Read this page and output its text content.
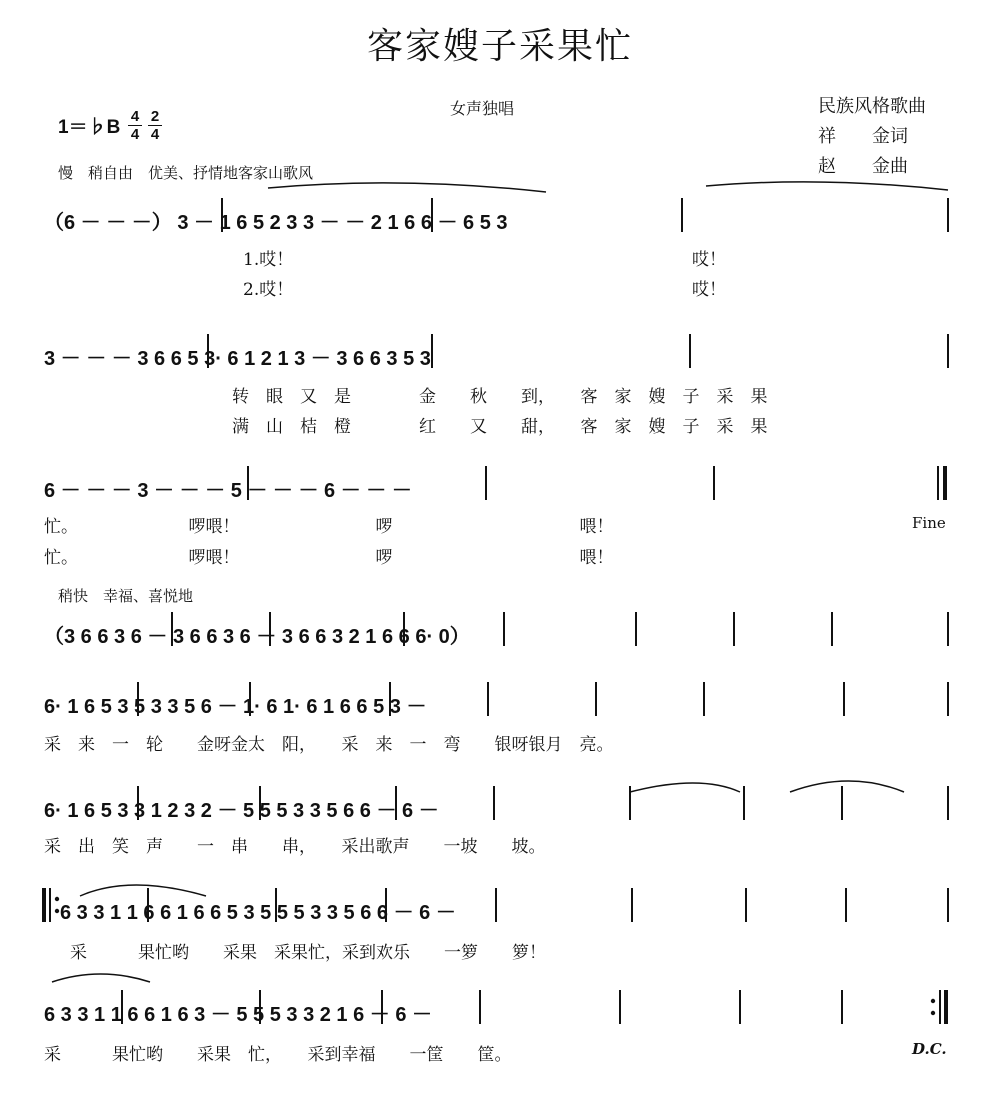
客家嫂子采果忙
女声独唱	民族风格歌曲
祥　　金词
赵　　金曲
1＝♭B
4
4
2
4
慢　稍自由　优美、抒情地客家山歌风
稍快　幸福、喜悦地
（6 － － －） 3 － 1 6 5 2 3 3 － － 2 1 6 6 － 6 5 3
1.哎！	哎！
2.哎！	哎！
3 － － － 3 6 6 5 3· 6 1 2 1 3 － 3 6 6 3 5 3
转　眼　又　是　　　　金　　秋　　到，　　客　家　嫂　子　采　果
满　山　桔　橙　　　　红　　又　　甜，　　客　家　嫂　子　采　果
6 － － － 3 － － － 5 － － － 6 － － －
忙。　　　　　　　啰喂！　　　　　　　　啰　　　　　　　　　　　喂！
忙。　　　　　　　啰喂！　　　　　　　　啰　　　　　　　　　　　喂！
Fine
（3 6 6 3 6 － 3 6 6 3 6 － 3 6 6 3 2 1 6 6 6· 0）
6· 1 6 5 3 5 3 3 5 6 － 1· 6 1· 6 1 6 6 5 3 －
采　来　一　轮　　金呀金太　阳，　　采　来　一　弯　　银呀银月　亮。
6· 1 6 5 3 3 1 2 3 2 － 5 5 5 3 3 5 6 6 － 6 －
采　出　笑　声　　一　串　　串，　　采出歌声　　一坡　　坡。
6 3 3 1 1 6 6 1 6 6 5 3 5 5 5 3 3 5 6 6 － 6 －
采　　　果忙哟　　采果　采果忙，采到欢乐　　一箩　　箩！
6 3 3 1 1 6 6 1 6 3 － 5 5 5 3 3 2 1 6 － 6 －
采　　　果忙哟　　采果　忙，　　采到幸福　　一筐　　筐。	D.C.
